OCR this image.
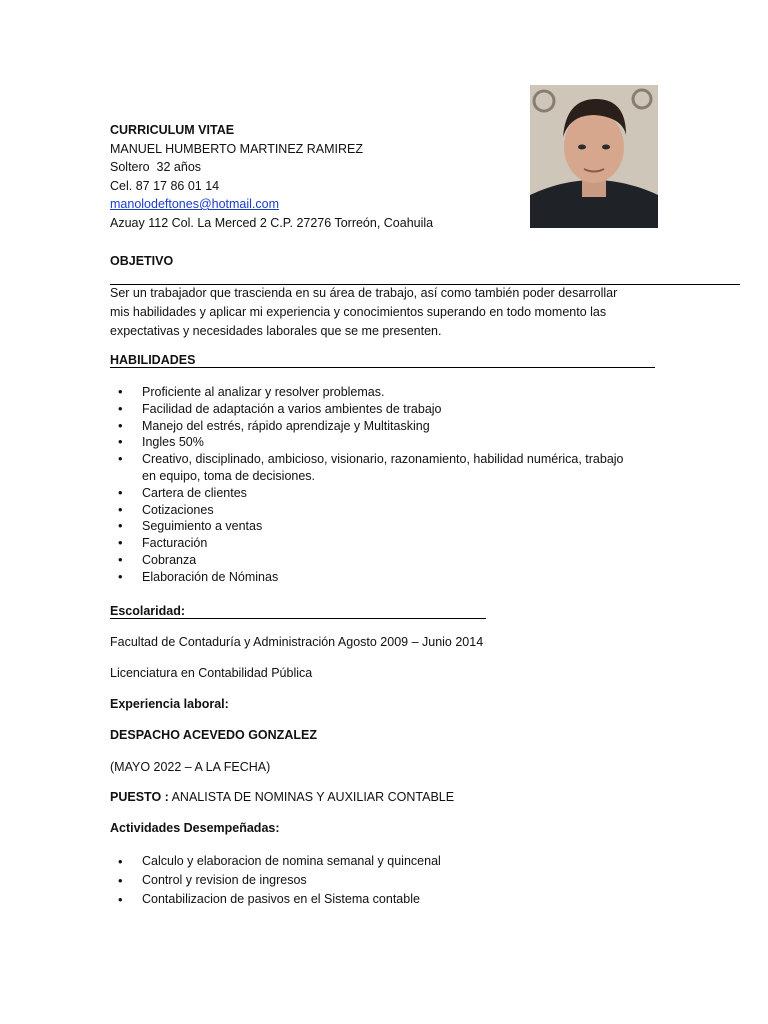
CURRICULUM VITAE
MANUEL HUMBERTO MARTINEZ RAMIREZ
Soltero  32 años
Cel. 87 17 86 01 14
manolodeftones@hotmail.com
Azuay 112 Col. La Merced 2 C.P. 27276 Torreón, Coahuila
OBJETIVO
Ser un trabajador que trascienda en su área de trabajo, así como también poder desarrollar
mis habilidades y aplicar mi experiencia y conocimientos superando en todo momento las
expectativas y necesidades laborales que se me presenten.
HABILIDADES
• Proficiente al analizar y resolver problemas.
• Facilidad de adaptación a varios ambientes de trabajo
• Manejo del estrés, rápido aprendizaje y Multitasking
• Ingles 50%
• Creativo, disciplinado, ambicioso, visionario, razonamiento, habilidad numérica, trabajo
en equipo, toma de decisiones.
• Cartera de clientes
• Cotizaciones
• Seguimiento a ventas
• Facturación
• Cobranza
• Elaboración de Nóminas
Escolaridad:
Facultad de Contaduría y Administración Agosto 2009 – Junio 2014
Licenciatura en Contabilidad Pública
Experiencia laboral:
DESPACHO ACEVEDO GONZALEZ
(MAYO 2022 – A LA FECHA)
PUESTO : ANALISTA DE NOMINAS Y AUXILIAR CONTABLE
Actividades Desempeñadas:
• Calculo y elaboracion de nomina semanal y quincenal
• Control y revision de ingresos
• Contabilizacion de pasivos en el Sistema contable
